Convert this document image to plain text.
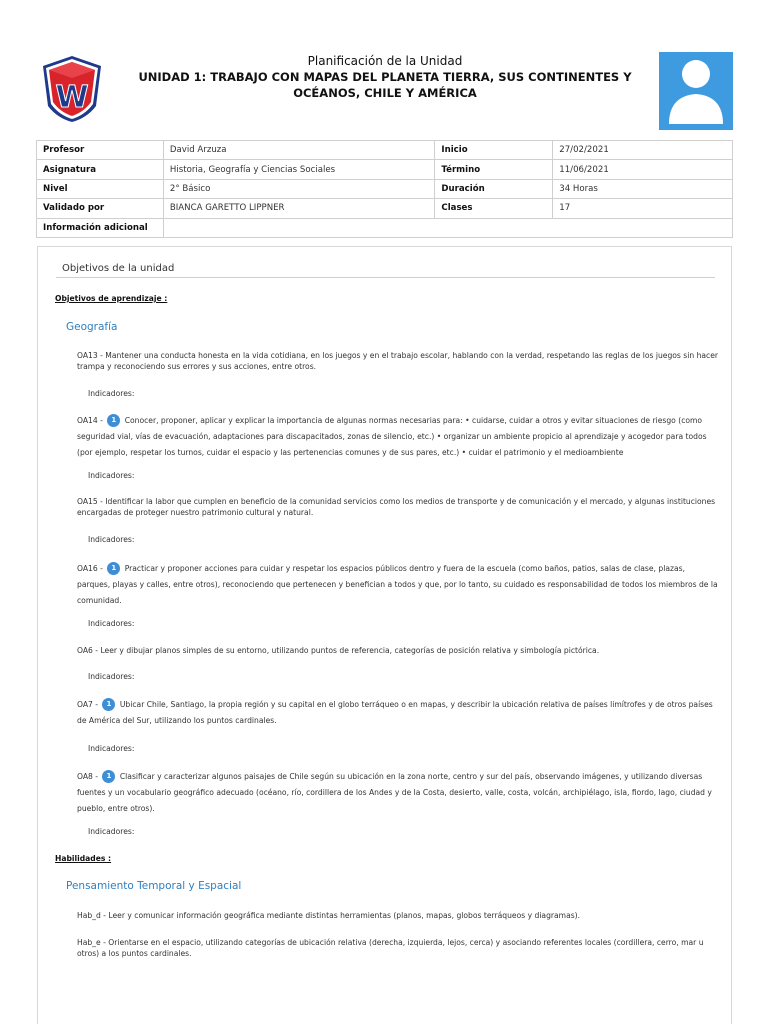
W
Planificación de la Unidad
UNIDAD 1: TRABAJO CON MAPAS DEL PLANETA TIERRA, SUS CONTINENTES Y OCÉANOS, CHILE Y AMÉRICA
Profesor	David Arzuza	Inicio	27/02/2021
Asignatura	Historia, Geografía y Ciencias Sociales	Término	11/06/2021
Nivel	2° Básico	Duración	34 Horas
Validado por	BIANCA GARETTO LIPPNER	Clases	17
Información adicional			
Objetivos de la unidad
Objetivos de aprendizaje :
Geografía
OA13 - Mantener una conducta honesta en la vida cotidiana, en los juegos y en el trabajo escolar, hablando con la verdad, respetando las reglas de los juegos sin hacer trampa y reconociendo sus errores y sus acciones, entre otros.
Indicadores:
OA14 - 1 Conocer, proponer, aplicar y explicar la importancia de algunas normas necesarias para: • cuidarse, cuidar a otros y evitar situaciones de riesgo (como seguridad vial, vías de evacuación, adaptaciones para discapacitados, zonas de silencio, etc.) • organizar un ambiente propicio al aprendizaje y acogedor para todos (por ejemplo, respetar los turnos, cuidar el espacio y las pertenencias comunes y de sus pares, etc.) • cuidar el patrimonio y el medioambiente
Indicadores:
OA15 - Identificar la labor que cumplen en beneficio de la comunidad servicios como los medios de transporte y de comunicación y el mercado, y algunas instituciones encargadas de proteger nuestro patrimonio cultural y natural.
Indicadores:
OA16 - 1 Practicar y proponer acciones para cuidar y respetar los espacios públicos dentro y fuera de la escuela (como baños, patios, salas de clase, plazas, parques, playas y calles, entre otros), reconociendo que pertenecen y benefician a todos y que, por lo tanto, su cuidado es responsabilidad de todos los miembros de la comunidad.
Indicadores:
OA6 - Leer y dibujar planos simples de su entorno, utilizando puntos de referencia, categorías de posición relativa y simbología pictórica.
Indicadores:
OA7 - 1 Ubicar Chile, Santiago, la propia región y su capital en el globo terráqueo o en mapas, y describir la ubicación relativa de países limítrofes y de otros países de América del Sur, utilizando los puntos cardinales.
Indicadores:
OA8 - 1 Clasificar y caracterizar algunos paisajes de Chile según su ubicación en la zona norte, centro y sur del país, observando imágenes, y utilizando diversas fuentes y un vocabulario geográfico adecuado (océano, río, cordillera de los Andes y de la Costa, desierto, valle, costa, volcán, archipiélago, isla, fiordo, lago, ciudad y pueblo, entre otros).
Indicadores:
Habilidades :
Pensamiento Temporal y Espacial
Hab_d - Leer y comunicar información geográfica mediante distintas herramientas (planos, mapas, globos terráqueos y diagramas).
Hab_e - Orientarse en el espacio, utilizando categorías de ubicación relativa (derecha, izquierda, lejos, cerca) y asociando referentes locales (cordillera, cerro, mar u otros) a los puntos cardinales.
